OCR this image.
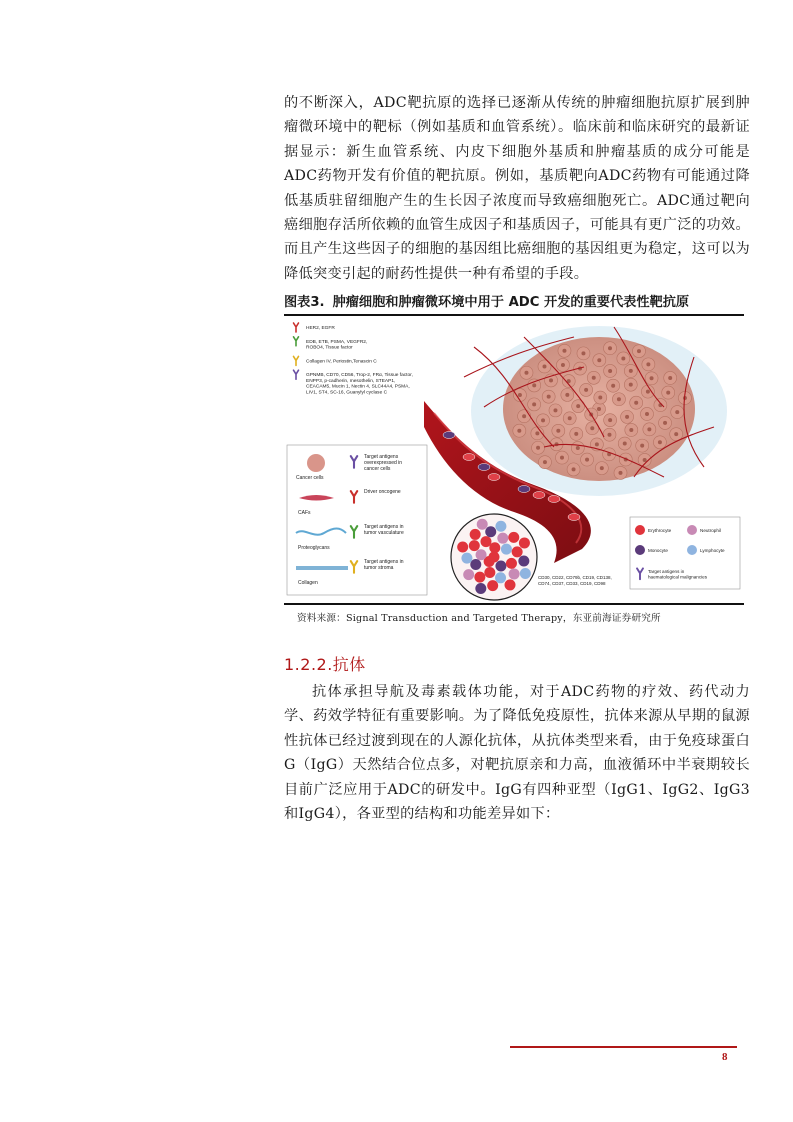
的不断深入，ADC靶抗原的选择已逐渐从传统的肿瘤细胞抗原扩展到肿瘤微环境中的靶标（例如基质和血管系统）。临床前和临床研究的最新证据显示：新生血管系统、内皮下细胞外基质和肿瘤基质的成分可能是ADC药物开发有价值的靶抗原。例如，基质靶向ADC药物有可能通过降低基质驻留细胞产生的生长因子浓度而导致癌细胞死亡。ADC通过靶向癌细胞存活所依赖的血管生成因子和基质因子，可能具有更广泛的功效。而且产生这些因子的细胞的基因组比癌细胞的基因组更为稳定，这可以为降低突变引起的耐药性提供一种有希望的手段。

图表3. 肿瘤细胞和肿瘤微环境中用于 ADC 开发的重要代表性靶抗原

HER2, EGFR
EDB, ETB, PSMA, VEGFR2, ROBO4, Tissue factor
Collagen IV, Periostin,Tenascin C
GPNMB, CD70, CD56, Trop-2, FRα, Tissue factor, ENPP3, p-cadherin, mesothelin, STEAP1, CEACAM5, Mucin 1, Nectin 4, SLC44A4, PSMA, LIV1, ST4, SC-16, Guanylyl cyclase C
CD30, CD22, CD79b, CD19, CD138, CD74, CD37, CD33, CD19, CD98
Cancer cells
Target antigens overexpressed in cancer cells
CAFs
Driver oncogene
Proteoglycans
Target antigens in tumor vasculature
Collagen
Target antigens in tumor stroma
Erythrocyte	Neutrophil
Monocyte	Lymphocyte
Target antigens in haematological malignancies

资料来源：Signal Transduction and Targeted Therapy，东亚前海证券研究所

1.2.2.抗体

抗体承担导航及毒素载体功能，对于ADC药物的疗效、药代动力学、药效学特征有重要影响。为了降低免疫原性，抗体来源从早期的鼠源性抗体已经过渡到现在的人源化抗体，从抗体类型来看，由于免疫球蛋白G（IgG）天然结合位点多，对靶抗原亲和力高，血液循环中半衰期较长目前广泛应用于ADC的研发中。IgG有四种亚型（IgG1、IgG2、IgG3和IgG4），各亚型的结构和功能差异如下：

8
